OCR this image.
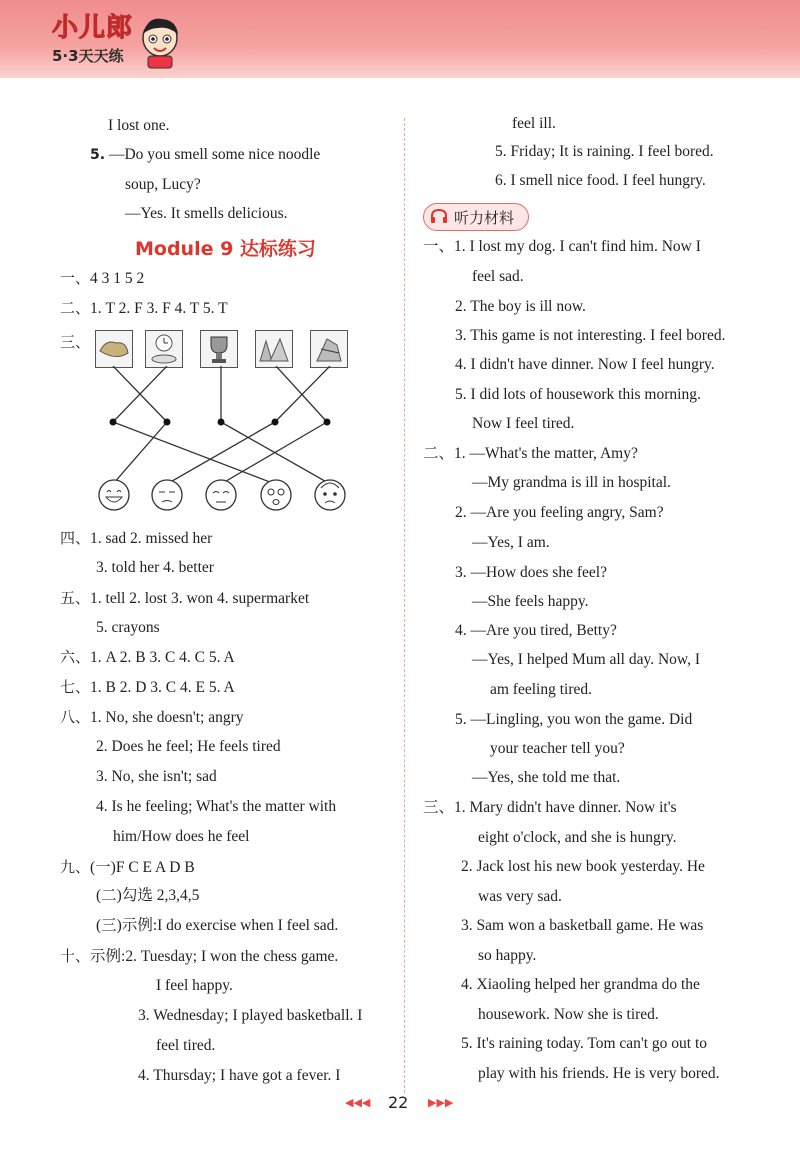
小儿郎
5·3天天练
I lost one.
5. —Do you smell some nice noodle
soup, Lucy?
—Yes. It smells delicious.
Module 9 达标练习
一、4 3 1 5 2
二、1. T 2. F 3. F 4. T 5. T
三、
四、1. sad 2. missed her
3. told her 4. better
五、1. tell 2. lost 3. won 4. supermarket
5. crayons
六、1. A 2. B 3. C 4. C 5. A
七、1. B 2. D 3. C 4. E 5. A
八、1. No, she doesn't; angry
2. Does he feel; He feels tired
3. No, she isn't; sad
4. Is he feeling; What's the matter with
him/How does he feel
九、(一)F C E A D B
(二)勾选 2,3,4,5
(三)示例:I do exercise when I feel sad.
十、示例:2. Tuesday; I won the chess game.
I feel happy.
3. Wednesday; I played basketball. I
feel tired.
4. Thursday; I have got a fever. I
feel ill.
5. Friday; It is raining. I feel bored.
6. I smell nice food. I feel hungry.
听力材料
一、1. I lost my dog. I can't find him. Now I
feel sad.
2. The boy is ill now.
3. This game is not interesting. I feel bored.
4. I didn't have dinner. Now I feel hungry.
5. I did lots of housework this morning.
Now I feel tired.
二、1. —What's the matter, Amy?
—My grandma is ill in hospital.
2. —Are you feeling angry, Sam?
—Yes, I am.
3. —How does she feel?
—She feels happy.
4. —Are you tired, Betty?
—Yes, I helped Mum all day. Now, I
am feeling tired.
5. —Lingling, you won the game. Did
your teacher tell you?
—Yes, she told me that.
三、1. Mary didn't have dinner. Now it's
eight o'clock, and she is hungry.
2. Jack lost his new book yesterday. He
was very sad.
3. Sam won a basketball game. He was
so happy.
4. Xiaoling helped her grandma do the
housework. Now she is tired.
5. It's raining today. Tom can't go out to
play with his friends. He is very bored.
◀◀◀ 22 ▶▶▶
